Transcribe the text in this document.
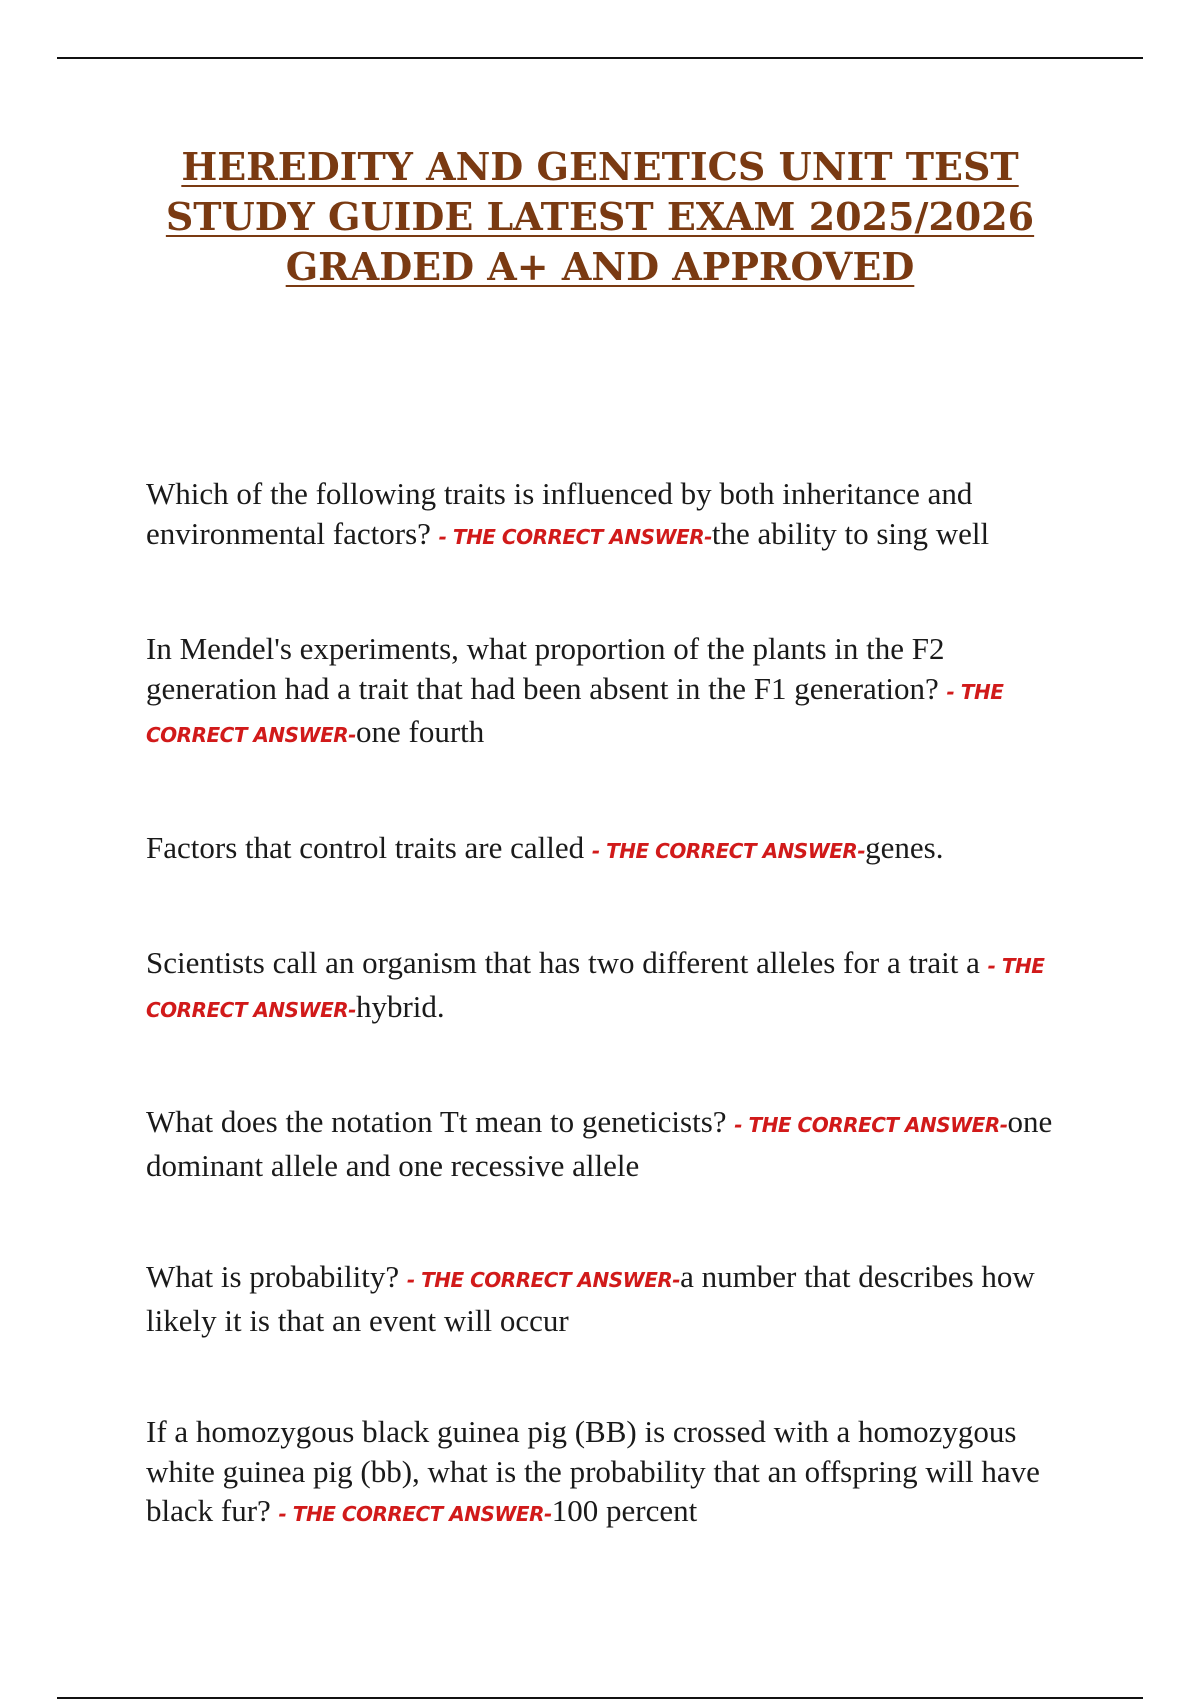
HEREDITY AND GENETICS UNIT TEST
STUDY GUIDE LATEST EXAM 2025/2026
GRADED A+ AND APPROVED
Which of the following traits is influenced by both inheritance and environmental factors? - THE CORRECT ANSWER-the ability to sing well
In Mendel's experiments, what proportion of the plants in the F2 generation had a trait that had been absent in the F1 generation? - THE CORRECT ANSWER-one fourth
Factors that control traits are called - THE CORRECT ANSWER-genes.
Scientists call an organism that has two different alleles for a trait a - THE CORRECT ANSWER-hybrid.
What does the notation Tt mean to geneticists? - THE CORRECT ANSWER-one dominant allele and one recessive allele
What is probability? - THE CORRECT ANSWER-a number that describes how likely it is that an event will occur
If a homozygous black guinea pig (BB) is crossed with a homozygous white guinea pig (bb), what is the probability that an offspring will have black fur? - THE CORRECT ANSWER-100 percent
